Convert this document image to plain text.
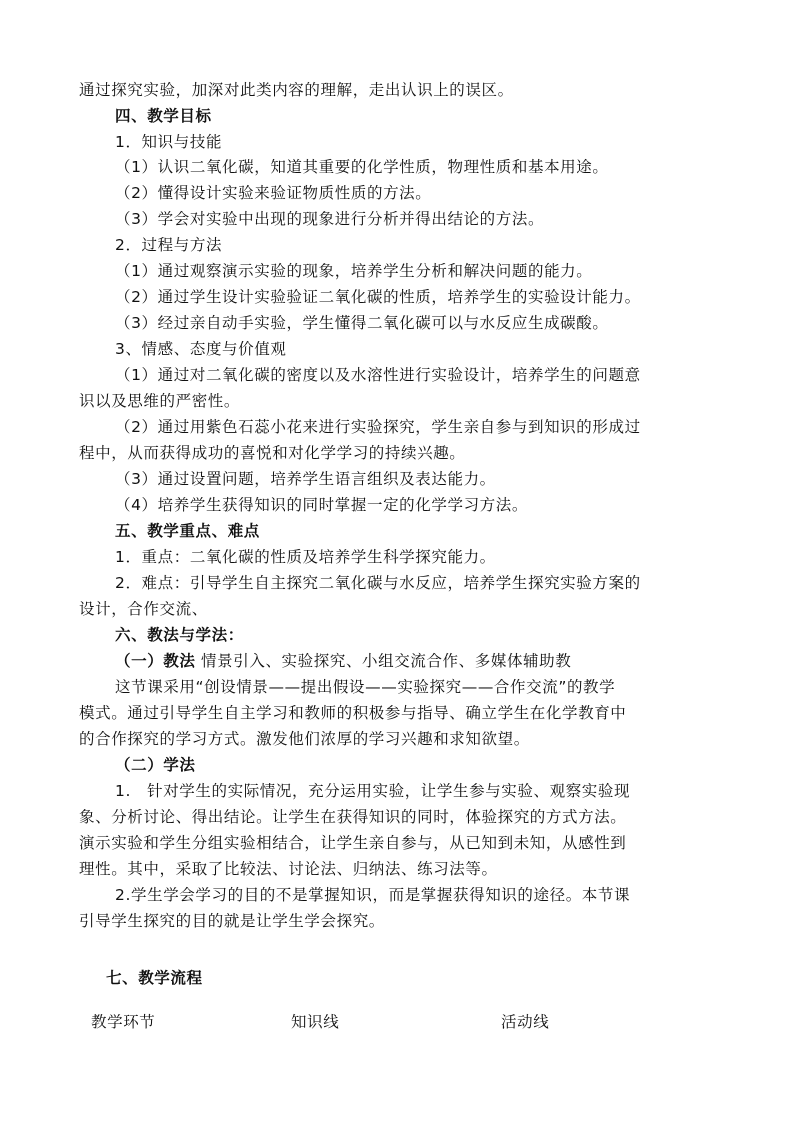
通过探究实验，加深对此类内容的理解，走出认识上的误区。
四、教学目标
1．知识与技能
（1）认识二氧化碳，知道其重要的化学性质，物理性质和基本用途。
（2）懂得设计实验来验证物质性质的方法。
（3）学会对实验中出现的现象进行分析并得出结论的方法。
2．过程与方法
（1）通过观察演示实验的现象，培养学生分析和解决问题的能力。
（2）通过学生设计实验验证二氧化碳的性质，培养学生的实验设计能力。
（3）经过亲自动手实验，学生懂得二氧化碳可以与水反应生成碳酸。
3、情感、态度与价值观
（1）通过对二氧化碳的密度以及水溶性进行实验设计，培养学生的问题意
识以及思维的严密性。
（2）通过用紫色石蕊小花来进行实验探究，学生亲自参与到知识的形成过
程中，从而获得成功的喜悦和对化学学习的持续兴趣。
（3）通过设置问题，培养学生语言组织及表达能力。
（4）培养学生获得知识的同时掌握一定的化学学习方法。
五、教学重点、难点
1．重点：二氧化碳的性质及培养学生科学探究能力。
2．难点：引导学生自主探究二氧化碳与水反应，培养学生探究实验方案的
设计，合作交流、
六、教法与学法：
（一）教法 情景引入、实验探究、小组交流合作、多媒体辅助教
这节课采用“创设情景——提出假设——实验探究——合作交流”的教学
模式。通过引导学生自主学习和教师的积极参与指导、确立学生在化学教育中
的合作探究的学习方式。激发他们浓厚的学习兴趣和求知欲望。
（二）学法
1.　针对学生的实际情况，充分运用实验，让学生参与实验、观察实验现
象、分析讨论、得出结论。让学生在获得知识的同时，体验探究的方式方法。
演示实验和学生分组实验相结合，让学生亲自参与，从已知到未知，从感性到
理性。其中，采取了比较法、讨论法、归纳法、练习法等。
2.学生学会学习的目的不是掌握知识，而是掌握获得知识的途径。本节课
引导学生探究的目的就是让学生学会探究。
七、教学流程
教学环节	知识线	活动线
